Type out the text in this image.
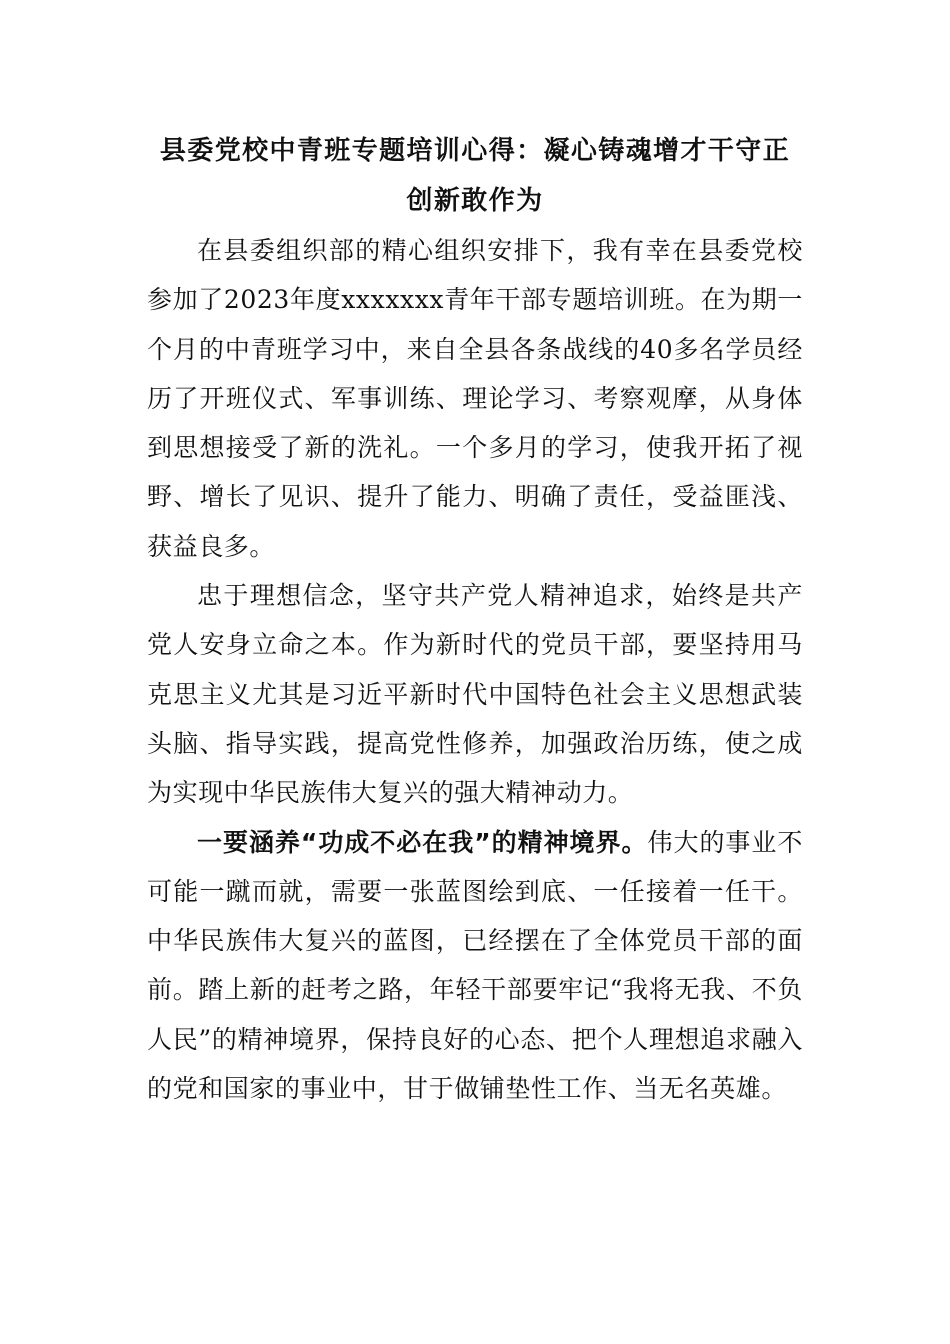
县委党校中青班专题培训心得：凝心铸魂增才干守正创新敢作为

在县委组织部的精心组织安排下，我有幸在县委党校参加了2023年度xxxxxxx青年干部专题培训班。在为期一个月的中青班学习中，来自全县各条战线的40多名学员经历了开班仪式、军事训练、理论学习、考察观摩，从身体到思想接受了新的洗礼。一个多月的学习，使我开拓了视野、增长了见识、提升了能力、明确了责任，受益匪浅、获益良多。

忠于理想信念，坚守共产党人精神追求，始终是共产党人安身立命之本。作为新时代的党员干部，要坚持用马克思主义尤其是习近平新时代中国特色社会主义思想武装头脑、指导实践，提高党性修养，加强政治历练，使之成为实现中华民族伟大复兴的强大精神动力。

一要涵养“功成不必在我”的精神境界。伟大的事业不可能一蹴而就，需要一张蓝图绘到底、一任接着一任干。中华民族伟大复兴的蓝图，已经摆在了全体党员干部的面前。踏上新的赶考之路，年轻干部要牢记“我将无我、不负人民”的精神境界，保持良好的心态、把个人理想追求融入的党和国家的事业中，甘于做铺垫性工作、当无名英雄。
